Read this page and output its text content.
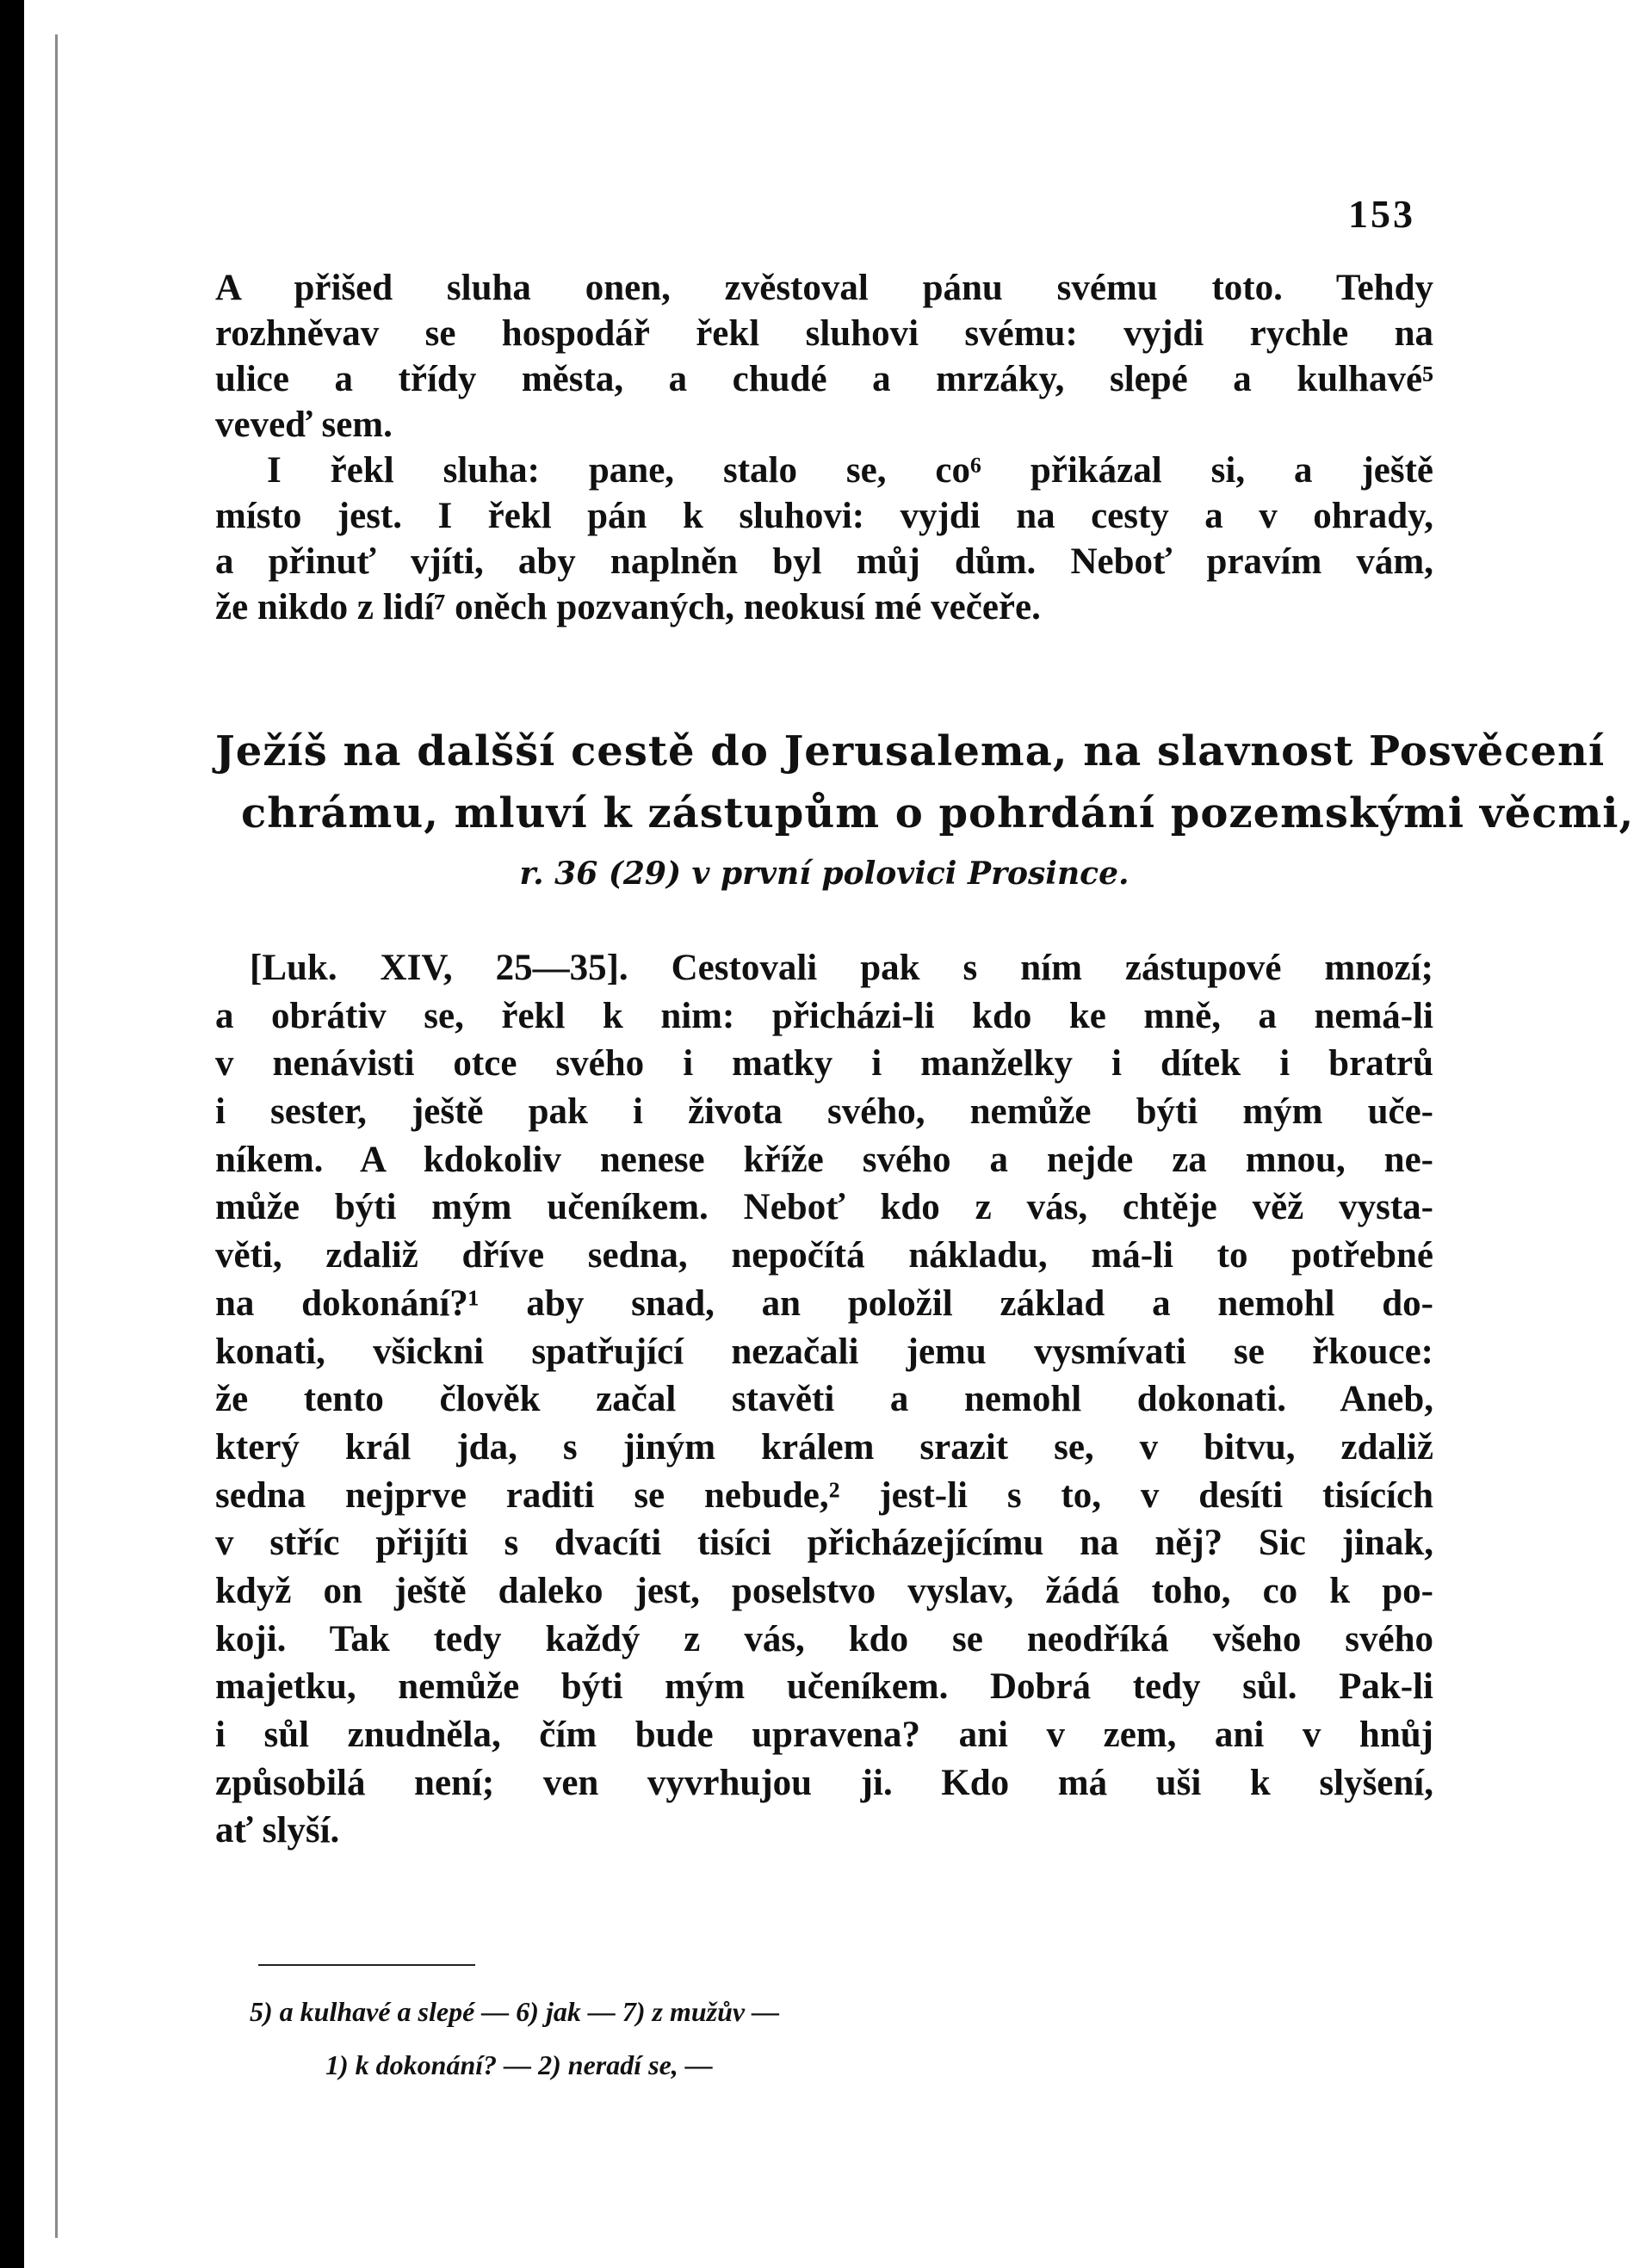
153
A přišed sluha onen, zvěstoval pánu svému toto. Tehdy
rozhněvav se hospodář řekl sluhovi svému: vyjdi rychle na
ulice a třídy města, a chudé a mrzáky, slepé a kulhavé⁵
veveď sem.
I řekl sluha: pane, stalo se, co⁶ přikázal si, a ještě
místo jest. I řekl pán k sluhovi: vyjdi na cesty a v ohrady,
a přinuť vjíti, aby naplněn byl můj dům. Neboť pravím vám,
že nikdo z lidí⁷ oněch pozvaných, neokusí mé večeře.
Ježíš na dalšší cestě do Jerusalema, na slavnost Posvěcení
chrámu, mluví k zástupům o pohrdání pozemskými věcmi,
r. 36 (29) v první polovici Prosince.
[Luk. XIV, 25—35]. Cestovali pak s ním zástupové mnozí;
a obrátiv se, řekl k nim: přicházi-li kdo ke mně, a nemá-li
v nenávisti otce svého i matky i manželky i dítek i bratrů
i sester, ještě pak i života svého, nemůže býti mým uče-
níkem. A kdokoliv nenese kříže svého a nejde za mnou, ne-
může býti mým učeníkem. Neboť kdo z vás, chtěje věž vysta-
věti, zdaliž dříve sedna, nepočítá nákladu, má-li to potřebné
na dokonání?¹ aby snad, an položil základ a nemohl do-
konati, všickni spatřující nezačali jemu vysmívati se řkouce:
že tento člověk začal stavěti a nemohl dokonati. Aneb,
který král jda, s jiným králem srazit se, v bitvu, zdaliž
sedna nejprve raditi se nebude,² jest-li s to, v desíti tisících
v stříc přijíti s dvacíti tisíci přicházejícímu na něj? Sic jinak,
když on ještě daleko jest, poselstvo vyslav, žádá toho, co k po-
koji. Tak tedy každý z vás, kdo se neodříká všeho svého
majetku, nemůže býti mým učeníkem. Dobrá tedy sůl. Pak-li
i sůl znudněla, čím bude upravena? ani v zem, ani v hnůj
způsobilá není; ven vyvrhujou ji. Kdo má uši k slyšení,
ať slyší.
5) a kulhavé a slepé — 6) jak — 7) z mužův —
1) k dokonání? — 2) neradí se, —
